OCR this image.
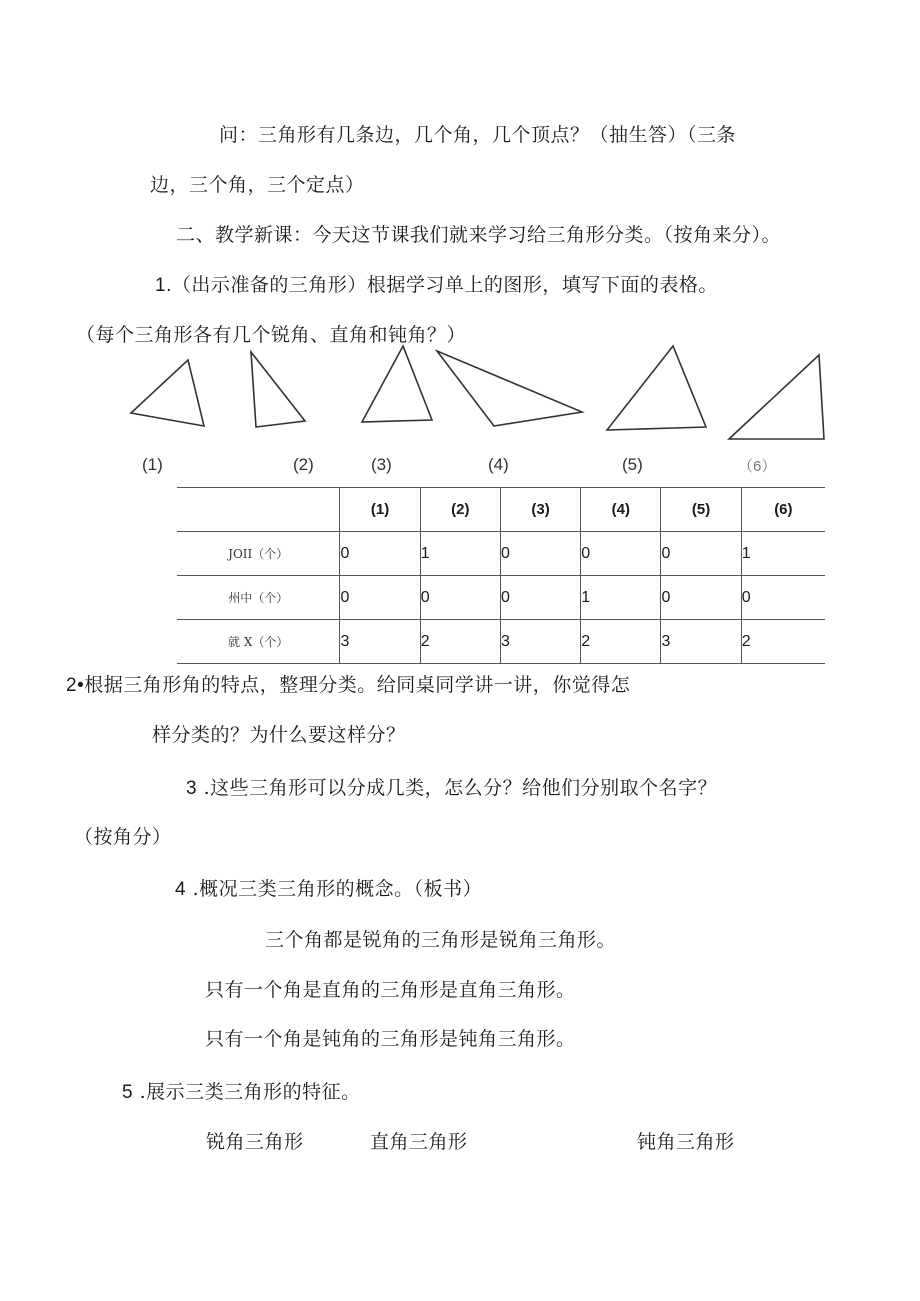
问：三角形有几条边，几个角，几个顶点？（抽生答）（三条
边，三个角，三个定点）
二、教学新课：今天这节课我们就来学习给三角形分类。（按角来分）。
1.（出示准备的三角形）根据学习单上的图形，填写下面的表格。
（每个三角形各有几个锐角、直角和钝角？）
(1)	(2)	(3)	(4)	(5)	（6）
	(1)	(2)	(3)	(4)	(5)	(6)
JOII（个）	0	1	0	0	0	1
州中（个）	0	0	0	1	0	0
就 X（个）	3	2	3	2	3	2
2•根据三角形角的特点，整理分类。给同桌同学讲一讲，你觉得怎
样分类的？为什么要这样分？
3 .这些三角形可以分成几类，怎么分？给他们分别取个名字？
（按角分）
4 .概况三类三角形的概念。（板书）
三个角都是锐角的三角形是锐角三角形。
只有一个角是直角的三角形是直角三角形。
只有一个角是钝角的三角形是钝角三角形。
5 .展示三类三角形的特征。
锐角三角形	直角三角形	钝角三角形
